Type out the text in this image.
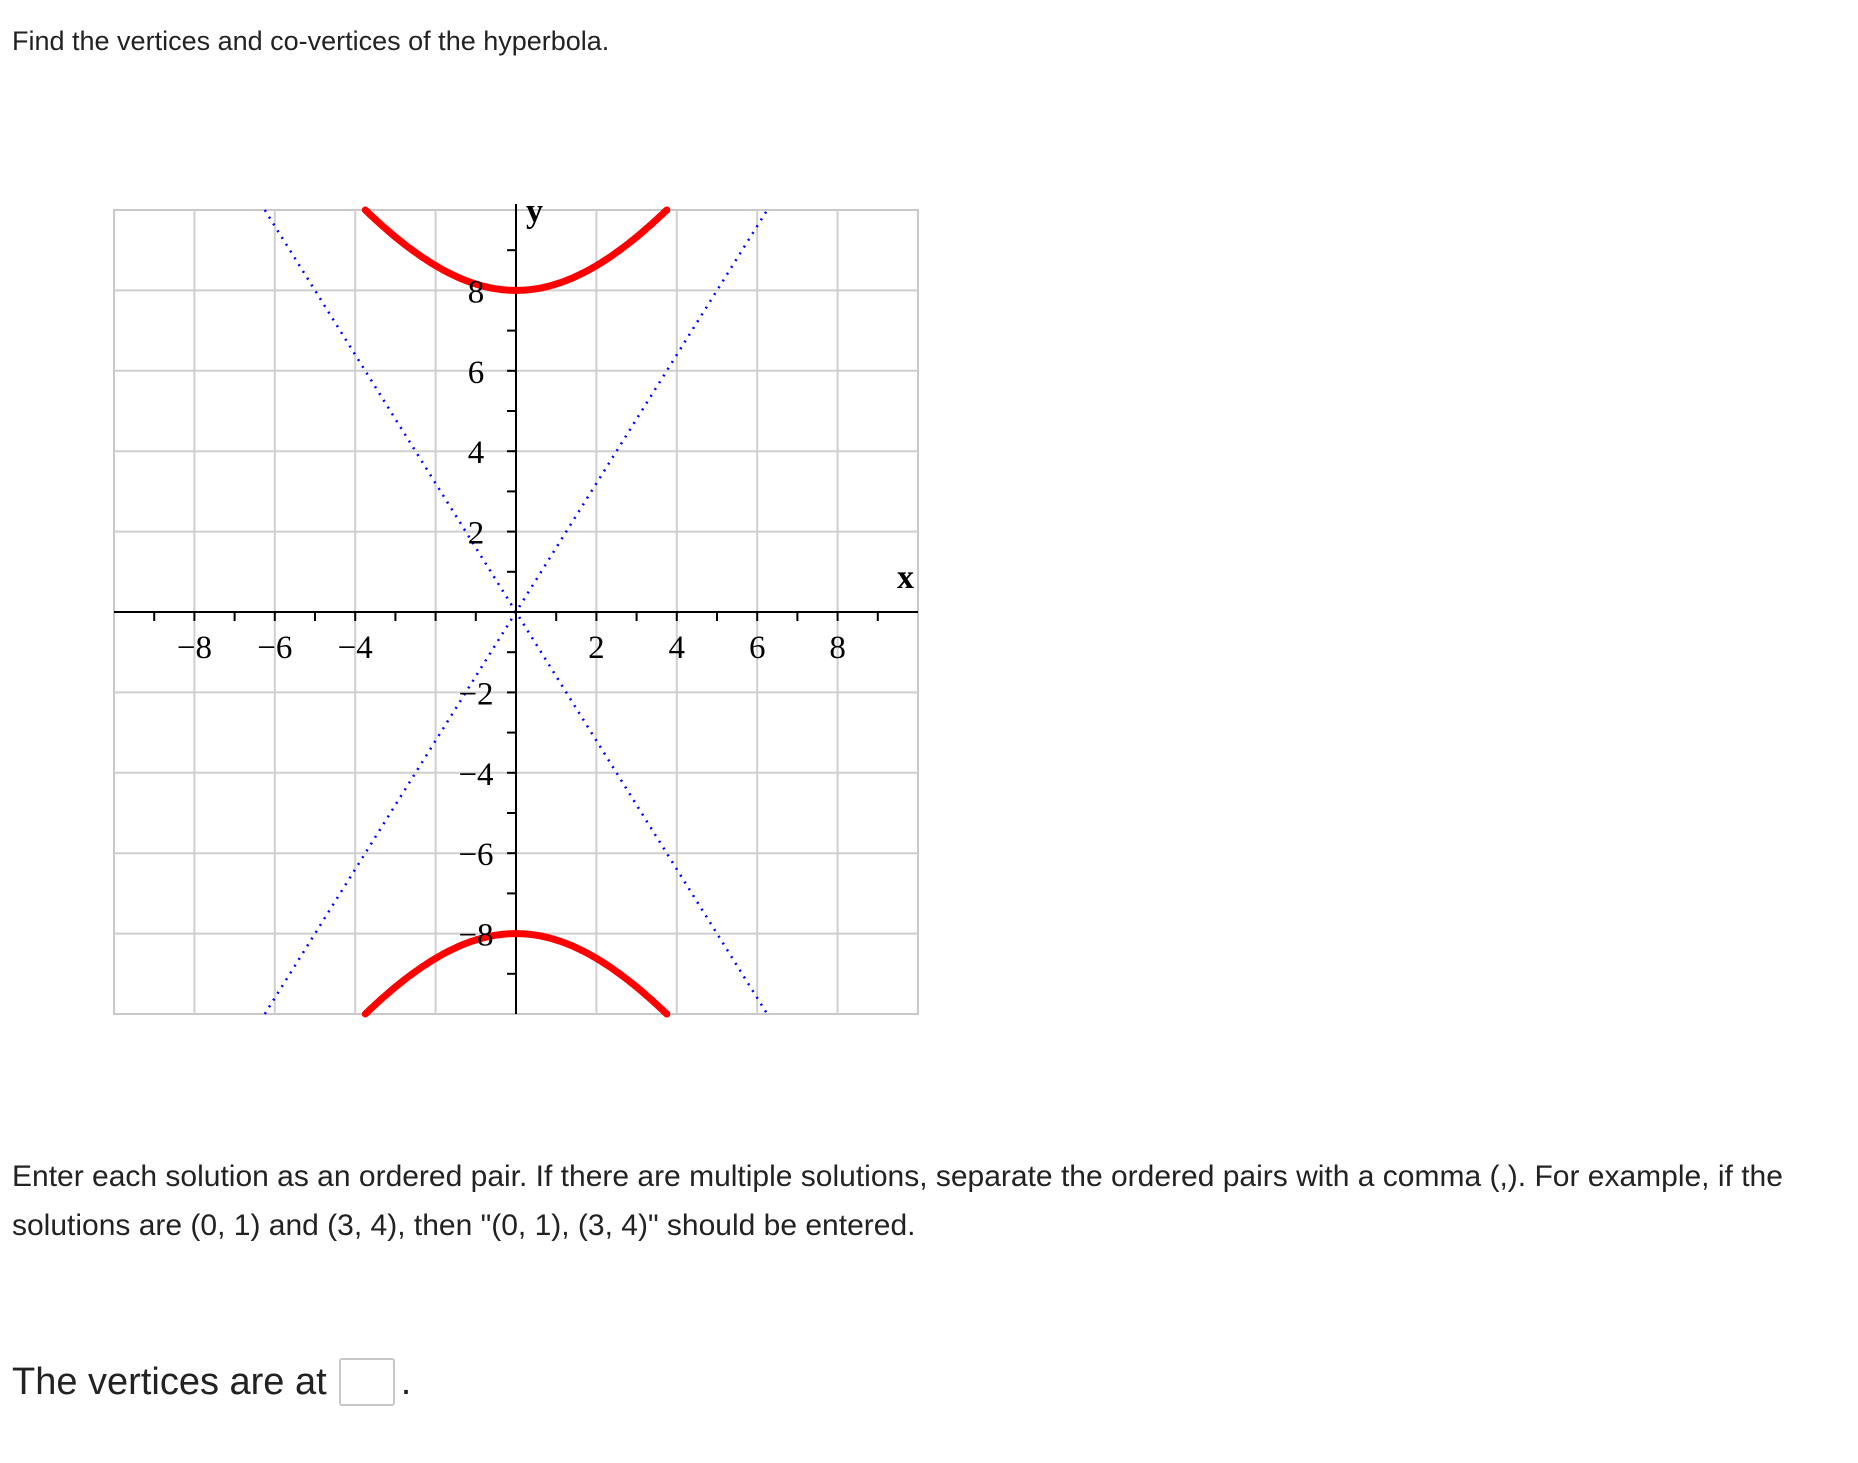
Find the vertices and co-vertices of the hyperbola.
−8 −6 −4	2 4 6 8
8
6
4
2
−2
−4
−6
−8
x
y

Enter each solution as an ordered pair. If there are multiple solutions, separate the ordered pairs with a comma (,). For example, if the solutions are (0, 1) and (3, 4), then "(0, 1), (3, 4)" should be entered.

The vertices are at .
